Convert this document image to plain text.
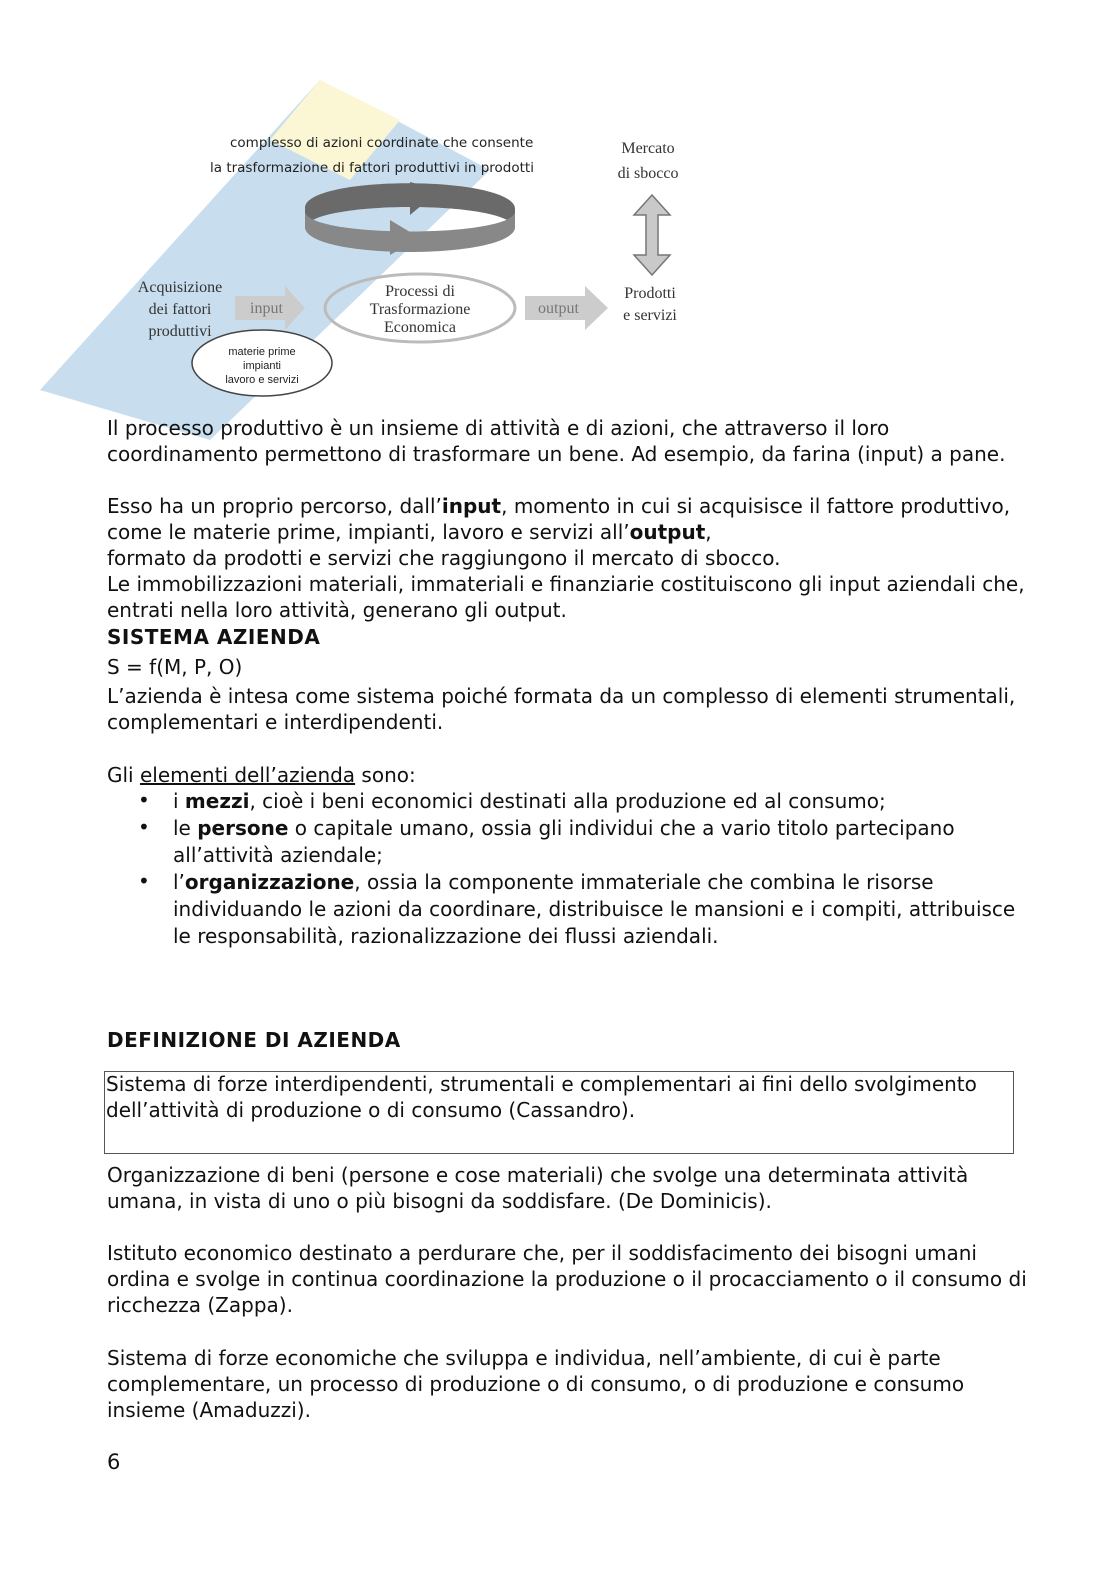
complesso di azioni coordinate che consente
la trasformazione di fattori produttivi in prodotti
Acquisizione
dei fattori
produttivi
input
Processi di
Trasformazione
Economica
output
Mercato
di sbocco
Prodotti
e servizi
materie prime
impianti
lavoro e servizi
Il processo produttivo è un insieme di attività e di azioni, che attraverso il loro coordinamento permettono di trasformare un bene. Ad esempio, da farina (input) a pane.
Esso ha un proprio percorso, dall’input, momento in cui si acquisisce il fattore produttivo, come le materie prime, impianti, lavoro e servizi all’output,
formato da prodotti e servizi che raggiungono il mercato di sbocco.
Le immobilizzazioni materiali, immateriali e finanziarie costituiscono gli input aziendali che, entrati nella loro attività, generano gli output.
SISTEMA AZIENDA
S = f(M, P, O)
L’azienda è intesa come sistema poiché formata da un complesso di elementi strumentali, complementari e interdipendenti.
Gli elementi dell’azienda sono:
• i mezzi, cioè i beni economici destinati alla produzione ed al consumo;
• le persone o capitale umano, ossia gli individui che a vario titolo partecipano all’attività aziendale;
• l’organizzazione, ossia la componente immateriale che combina le risorse individuando le azioni da coordinare, distribuisce le mansioni e i compiti, attribuisce le responsabilità, razionalizzazione dei flussi aziendali.
DEFINIZIONE DI AZIENDA
Sistema di forze interdipendenti, strumentali e complementari ai fini dello svolgimento dell’attività di produzione o di consumo (Cassandro).
Organizzazione di beni (persone e cose materiali) che svolge una determinata attività umana, in vista di uno o più bisogni da soddisfare. (De Dominicis).
Istituto economico destinato a perdurare che, per il soddisfacimento dei bisogni umani ordina e svolge in continua coordinazione la produzione o il procacciamento o il consumo di ricchezza (Zappa).
Sistema di forze economiche che sviluppa e individua, nell’ambiente, di cui è parte complementare, un processo di produzione o di consumo, o di produzione e consumo insieme (Amaduzzi).
6
